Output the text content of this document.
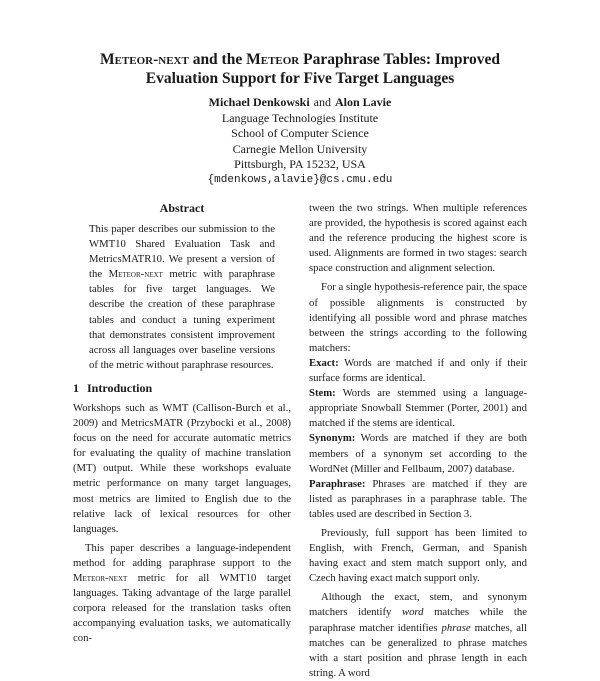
Meteor-next and the Meteor Paraphrase Tables: Improved
Evaluation Support for Five Target Languages
Michael Denkowski and Alon Lavie
Language Technologies Institute
School of Computer Science
Carnegie Mellon University
Pittsburgh, PA 15232, USA
{mdenkows,alavie}@cs.cmu.edu
Abstract

This paper describes our submission to the WMT10 Shared Evaluation Task and MetricsMATR10. We present a version of the Meteor-next metric with paraphrase tables for five target languages. We describe the creation of these paraphrase tables and conduct a tuning experiment that demonstrates consistent improvement across all languages over baseline versions of the metric without paraphrase resources.

1 Introduction

Workshops such as WMT (Callison-Burch et al., 2009) and MetricsMATR (Przybocki et al., 2008) focus on the need for accurate automatic metrics for evaluating the quality of machine translation (MT) output. While these workshops evaluate metric performance on many target languages, most metrics are limited to English due to the relative lack of lexical resources for other languages.

This paper describes a language-independent method for adding paraphrase support to the Meteor-next metric for all WMT10 target languages. Taking advantage of the large parallel corpora released for the translation tasks often accompanying evaluation tasks, we automatically con-

tween the two strings. When multiple references are provided, the hypothesis is scored against each and the reference producing the highest score is used. Alignments are formed in two stages: search space construction and alignment selection.

For a single hypothesis-reference pair, the space of possible alignments is constructed by identifying all possible word and phrase matches between the strings according to the following matchers:

Exact: Words are matched if and only if their surface forms are identical.

Stem: Words are stemmed using a language-appropriate Snowball Stemmer (Porter, 2001) and matched if the stems are identical.

Synonym: Words are matched if they are both members of a synonym set according to the WordNet (Miller and Fellbaum, 2007) database.

Paraphrase: Phrases are matched if they are listed as paraphrases in a paraphrase table. The tables used are described in Section 3.

Previously, full support has been limited to English, with French, German, and Spanish having exact and stem match support only, and Czech having exact match support only.

Although the exact, stem, and synonym matchers identify word matches while the paraphrase matcher identifies phrase matches, all matches can be generalized to phrase matches with a start position and phrase length in each string. A word
